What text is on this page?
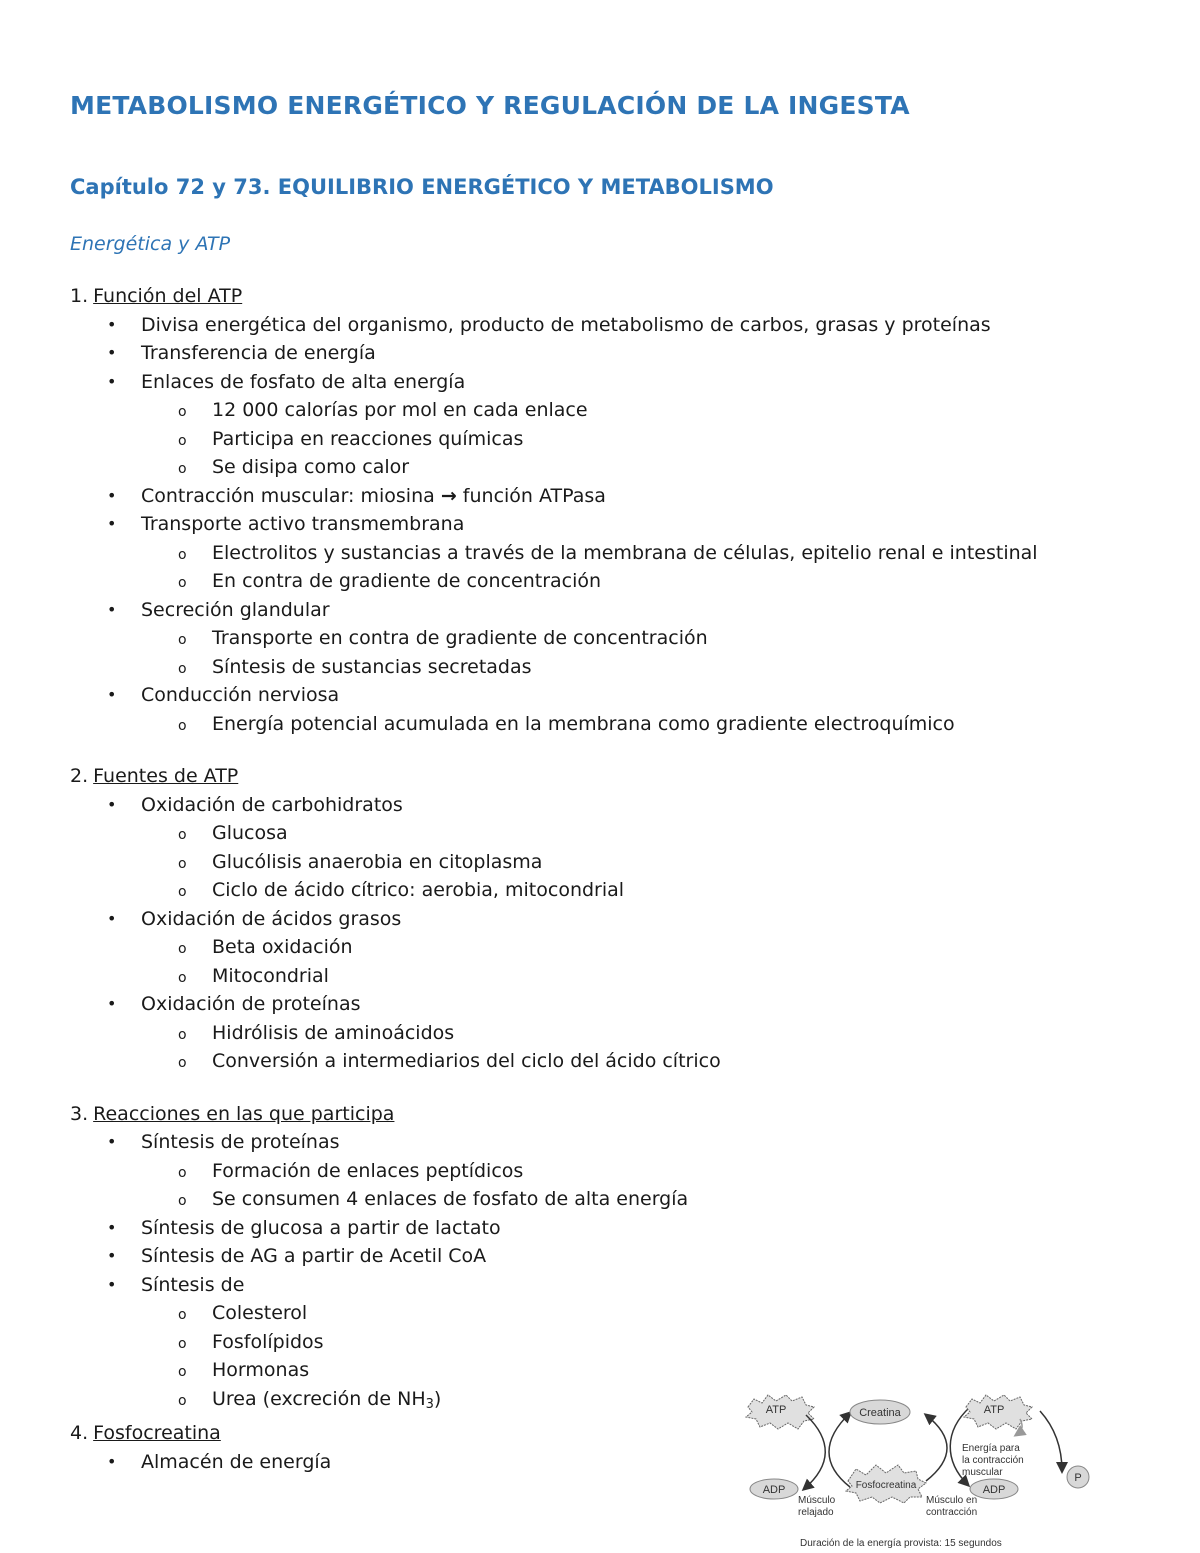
METABOLISMO ENERGÉTICO Y REGULACIÓN DE LA INGESTA
Capítulo 72 y 73. EQUILIBRIO ENERGÉTICO Y METABOLISMO
Energética y ATP
1. Función del ATP
• Divisa energética del organismo, producto de metabolismo de carbos, grasas y proteínas
• Transferencia de energía
• Enlaces de fosfato de alta energía
o 12 000 calorías por mol en cada enlace
o Participa en reacciones químicas
o Se disipa como calor
• Contracción muscular: miosina → función ATPasa
• Transporte activo transmembrana
o Electrolitos y sustancias a través de la membrana de células, epitelio renal e intestinal
o En contra de gradiente de concentración
• Secreción glandular
o Transporte en contra de gradiente de concentración
o Síntesis de sustancias secretadas
• Conducción nerviosa
o Energía potencial acumulada en la membrana como gradiente electroquímico
2. Fuentes de ATP
• Oxidación de carbohidratos
o Glucosa
o Glucólisis anaerobia en citoplasma
o Ciclo de ácido cítrico: aerobia, mitocondrial
• Oxidación de ácidos grasos
o Beta oxidación
o Mitocondrial
• Oxidación de proteínas
o Hidrólisis de aminoácidos
o Conversión a intermediarios del ciclo del ácido cítrico
3. Reacciones en las que participa
• Síntesis de proteínas
o Formación de enlaces peptídicos
o Se consumen 4 enlaces de fosfato de alta energía
• Síntesis de glucosa a partir de lactato
• Síntesis de AG a partir de Acetil CoA
• Síntesis de
o Colesterol
o Fosfolípidos
o Hormonas
o Urea (excreción de $NH_3$)
4. Fosfocreatina
• Almacén de energía
ATP
ADP
Creatina
Fosfocreatina
ATP
Energía para
la contracción
muscular
ADP
P
Músculo
relajado
Músculo en
contracción
Duración de la energía provista: 15 segundos
